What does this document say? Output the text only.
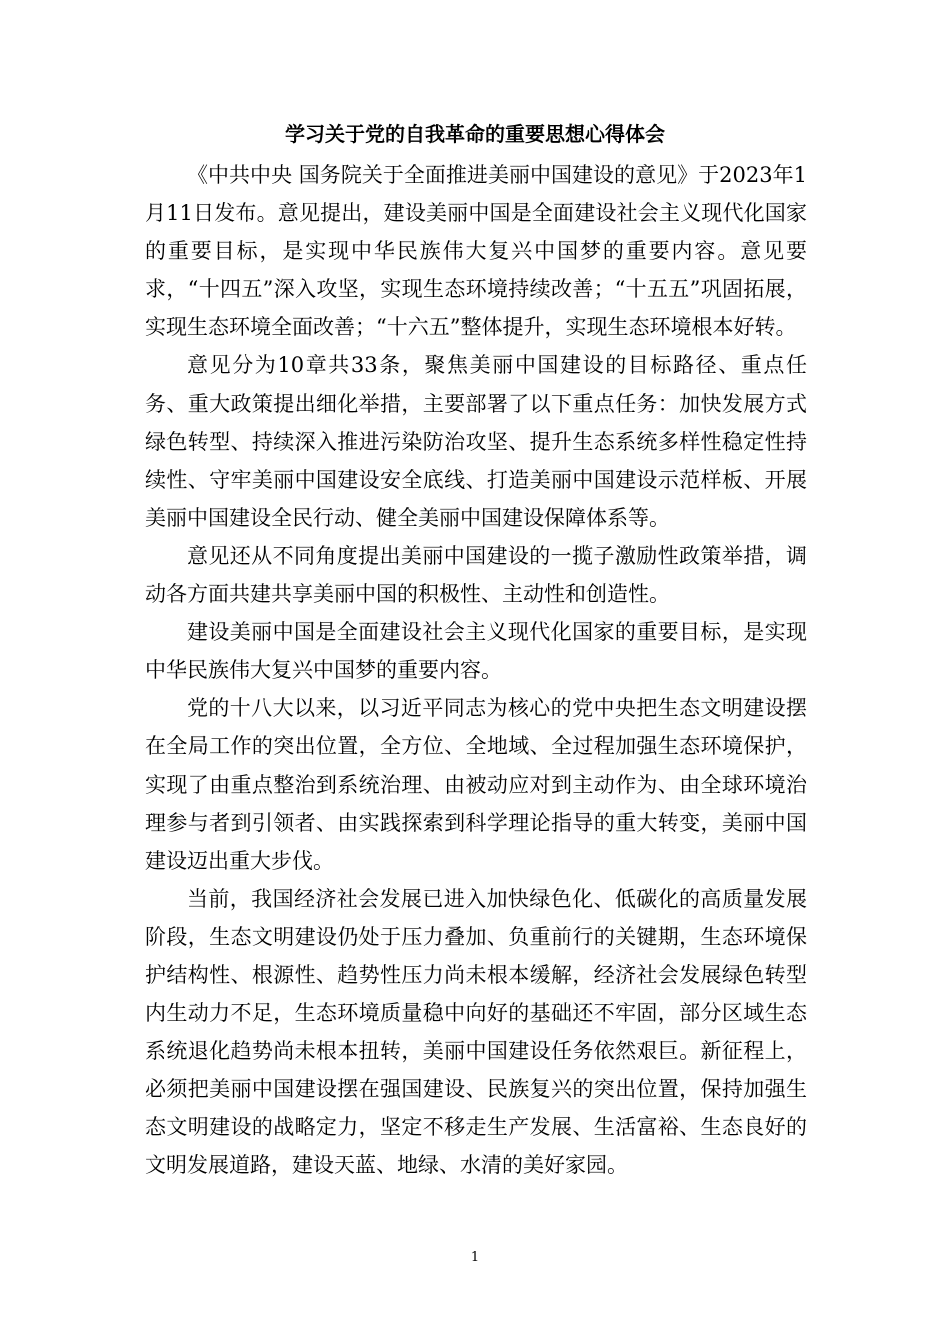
学习关于党的自我革命的重要思想心得体会

《中共中央 国务院关于全面推进美丽中国建设的意见》于2023年1月11日发布。意见提出，建设美丽中国是全面建设社会主义现代化国家的重要目标，是实现中华民族伟大复兴中国梦的重要内容。意见要求，“十四五”深入攻坚，实现生态环境持续改善；“十五五”巩固拓展，实现生态环境全面改善；“十六五”整体提升，实现生态环境根本好转。

意见分为10章共33条，聚焦美丽中国建设的目标路径、重点任务、重大政策提出细化举措，主要部署了以下重点任务：加快发展方式绿色转型、持续深入推进污染防治攻坚、提升生态系统多样性稳定性持续性、守牢美丽中国建设安全底线、打造美丽中国建设示范样板、开展美丽中国建设全民行动、健全美丽中国建设保障体系等。

意见还从不同角度提出美丽中国建设的一揽子激励性政策举措，调动各方面共建共享美丽中国的积极性、主动性和创造性。

建设美丽中国是全面建设社会主义现代化国家的重要目标，是实现中华民族伟大复兴中国梦的重要内容。

党的十八大以来，以习近平同志为核心的党中央把生态文明建设摆在全局工作的突出位置，全方位、全地域、全过程加强生态环境保护，实现了由重点整治到系统治理、由被动应对到主动作为、由全球环境治理参与者到引领者、由实践探索到科学理论指导的重大转变，美丽中国建设迈出重大步伐。

当前，我国经济社会发展已进入加快绿色化、低碳化的高质量发展阶段，生态文明建设仍处于压力叠加、负重前行的关键期，生态环境保护结构性、根源性、趋势性压力尚未根本缓解，经济社会发展绿色转型内生动力不足，生态环境质量稳中向好的基础还不牢固，部分区域生态系统退化趋势尚未根本扭转，美丽中国建设任务依然艰巨。新征程上，必须把美丽中国建设摆在强国建设、民族复兴的突出位置，保持加强生态文明建设的战略定力，坚定不移走生产发展、生活富裕、生态良好的文明发展道路，建设天蓝、地绿、水清的美好家园。

1
